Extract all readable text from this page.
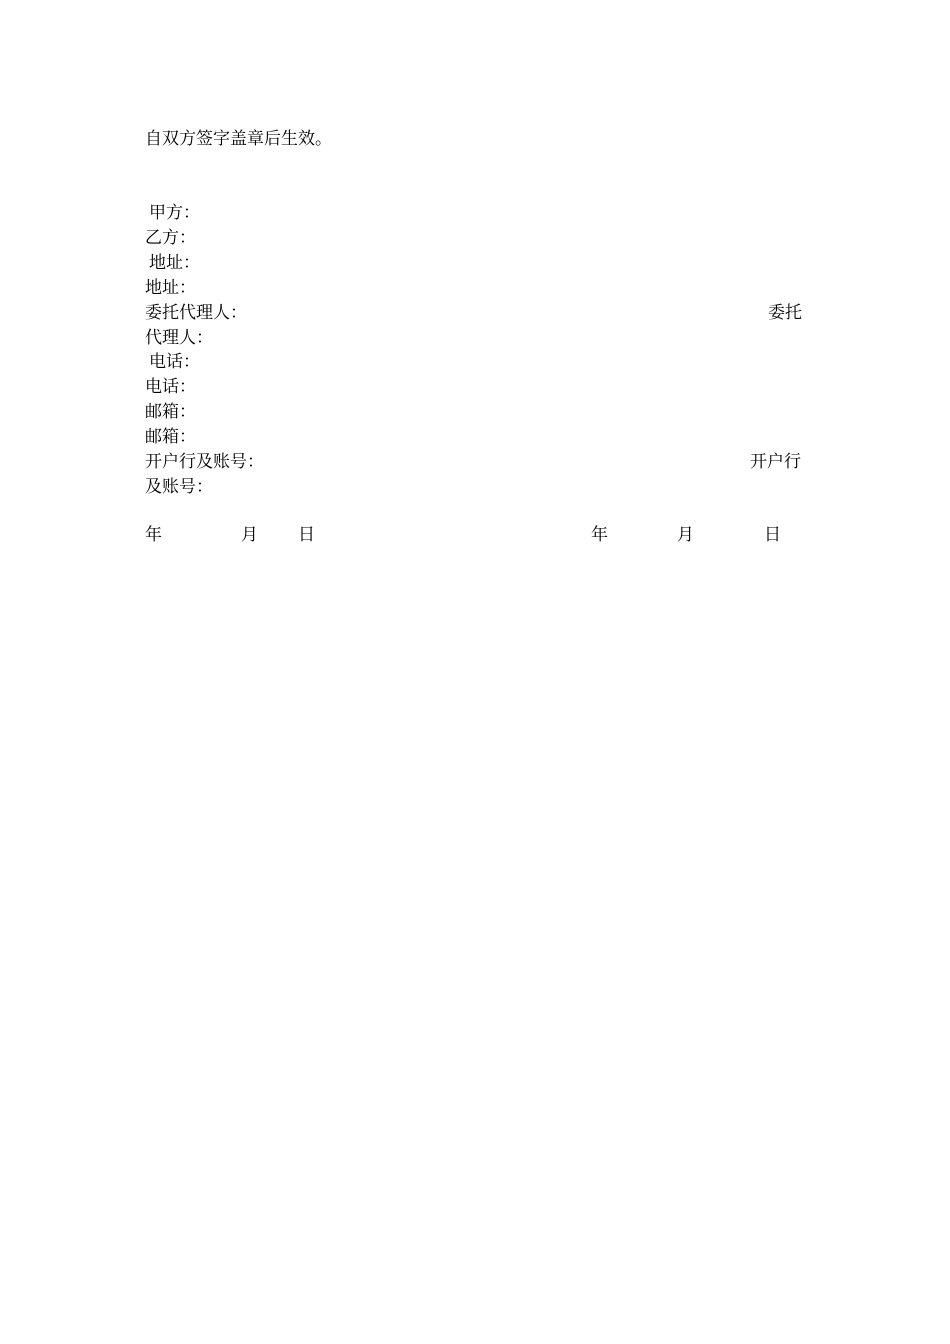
自双方签字盖章后生效。
甲方：
乙方：
地址：
地址：
委托代理人：	委托
代理人：
电话：
电话：
邮箱：
邮箱：
开户行及账号：	开户行
及账号：
年	月 日	年	月	日
